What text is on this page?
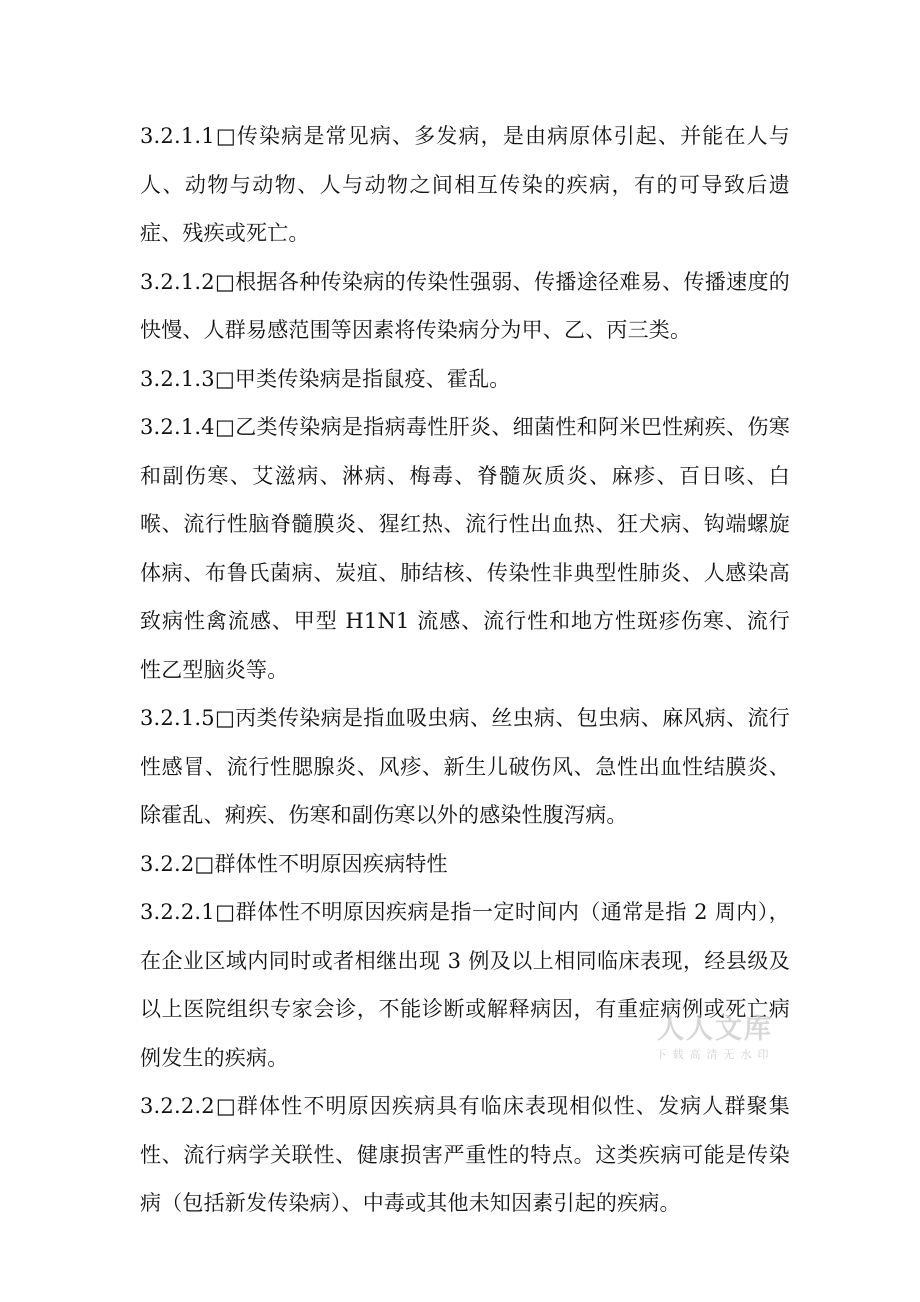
3.2.1.1□传染病是常见病、多发病，是由病原体引起、并能在人与人、动物与动物、人与动物之间相互传染的疾病，有的可导致后遗症、残疾或死亡。

3.2.1.2□根据各种传染病的传染性强弱、传播途径难易、传播速度的快慢、人群易感范围等因素将传染病分为甲、乙、丙三类。

3.2.1.3□甲类传染病是指鼠疫、霍乱。

3.2.1.4□乙类传染病是指病毒性肝炎、细菌性和阿米巴性痢疾、伤寒和副伤寒、艾滋病、淋病、梅毒、脊髓灰质炎、麻疹、百日咳、白喉、流行性脑脊髓膜炎、猩红热、流行性出血热、狂犬病、钩端螺旋体病、布鲁氏菌病、炭疽、肺结核、传染性非典型性肺炎、人感染高致病性禽流感、甲型 H1N1 流感、流行性和地方性斑疹伤寒、流行性乙型脑炎等。

3.2.1.5□丙类传染病是指血吸虫病、丝虫病、包虫病、麻风病、流行性感冒、流行性腮腺炎、风疹、新生儿破伤风、急性出血性结膜炎、除霍乱、痢疾、伤寒和副伤寒以外的感染性腹泻病。

3.2.2□群体性不明原因疾病特性

3.2.2.1□群体性不明原因疾病是指一定时间内（通常是指 2 周内），在企业区域内同时或者相继出现 3 例及以上相同临床表现，经县级及以上医院组织专家会诊，不能诊断或解释病因，有重症病例或死亡病例发生的疾病。

3.2.2.2□群体性不明原因疾病具有临床表现相似性、发病人群聚集性、流行病学关联性、健康损害严重性的特点。这类疾病可能是传染病（包括新发传染病）、中毒或其他未知因素引起的疾病。

人人文库
下载高清无水印
